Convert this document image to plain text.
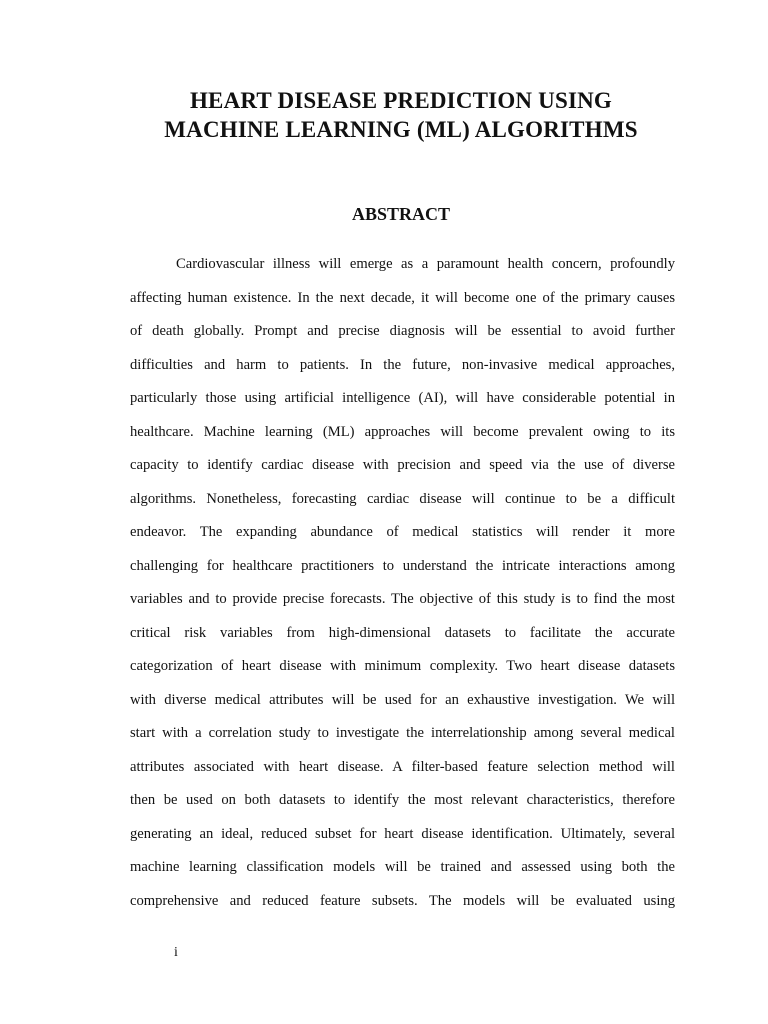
HEART DISEASE PREDICTION USING
MACHINE LEARNING (ML) ALGORITHMS
ABSTRACT
Cardiovascular illness will emerge as a paramount health concern, profoundly
affecting human existence. In the next decade, it will become one of the primary causes
of death globally. Prompt and precise diagnosis will be essential to avoid further
difficulties and harm to patients. In the future, non-invasive medical approaches,
particularly those using artificial intelligence (AI), will have considerable potential in
healthcare. Machine learning (ML) approaches will become prevalent owing to its
capacity to identify cardiac disease with precision and speed via the use of diverse
algorithms. Nonetheless, forecasting cardiac disease will continue to be a difficult
endeavor. The expanding abundance of medical statistics will render it more
challenging for healthcare practitioners to understand the intricate interactions among
variables and to provide precise forecasts. The objective of this study is to find the most
critical risk variables from high-dimensional datasets to facilitate the accurate
categorization of heart disease with minimum complexity. Two heart disease datasets
with diverse medical attributes will be used for an exhaustive investigation. We will
start with a correlation study to investigate the interrelationship among several medical
attributes associated with heart disease. A filter-based feature selection method will
then be used on both datasets to identify the most relevant characteristics, therefore
generating an ideal, reduced subset for heart disease identification. Ultimately, several
machine learning classification models will be trained and assessed using both the
comprehensive and reduced feature subsets. The models will be evaluated using
i
